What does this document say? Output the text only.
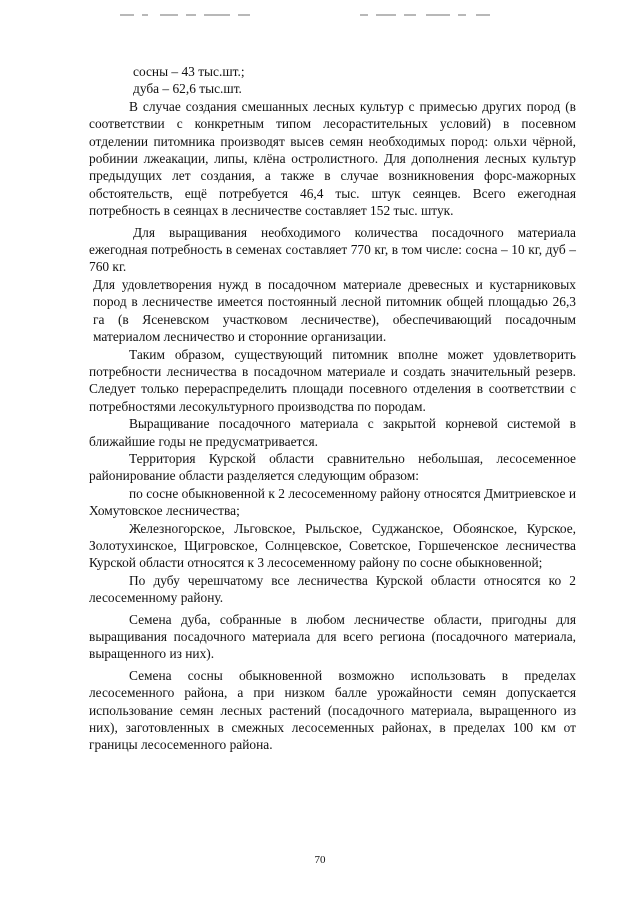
сосны – 43 тыс.шт.;

дуба – 62,6 тыс.шт.

В случае создания смешанных лесных культур с примесью других пород (в соответствии с конкретным типом лесорастительных условий) в посевном отделении питомника производят высев семян необходимых пород: ольхи чёрной, робинии лжеакации, липы, клёна остролистного. Для дополнения лесных культур предыдущих лет создания, а также в случае возникновения форс-мажорных обстоятельств, ещё потребуется 46,4 тыс. штук сеянцев. Всего ежегодная потребность в сеянцах в лесничестве составляет 152 тыс. штук.

Для выращивания необходимого количества посадочного материала ежегодная потребность в семенах составляет 770 кг, в том числе: сосна – 10 кг, дуб – 760 кг.

Для удовлетворения нужд в посадочном материале древесных и кустарниковых пород в лесничестве имеется постоянный лесной питомник общей площадью 26,3 га (в Ясеневском участковом лесничестве), обеспечивающий посадочным материалом лесничество и сторонние организации.

Таким образом, существующий питомник вполне может удовлетворить потребности лесничества в посадочном материале и создать значительный резерв. Следует только перераспределить площади посевного отделения в соответствии с потребностями лесокультурного производства по породам.

Выращивание посадочного материала с закрытой корневой системой в ближайшие годы не предусматривается.

Территория Курской области сравнительно небольшая, лесосеменное районирование области разделяется следующим образом:

по сосне обыкновенной к 2 лесосеменному району относятся Дмитриевское и Хомутовское лесничества;

Железногорское, Льговское, Рыльское, Суджанское, Обоянское, Курское, Золотухинское, Щигровское, Солнцевское, Советское, Горшеченское лесничества Курской области относятся к 3 лесосеменному району по сосне обыкновенной;

По дубу черешчатому все лесничества Курской области относятся ко 2 лесосеменному району.

Семена дуба, собранные в любом лесничестве области, пригодны для выращивания посадочного материала для всего региона (посадочного материала, выращенного из них).

Семена сосны обыкновенной возможно использовать в пределах лесосеменного района, а при низком балле урожайности семян допускается использование семян лесных растений (посадочного материала, выращенного из них), заготовленных в смежных лесосеменных районах, в пределах 100 км от границы лесосеменного района.

70
